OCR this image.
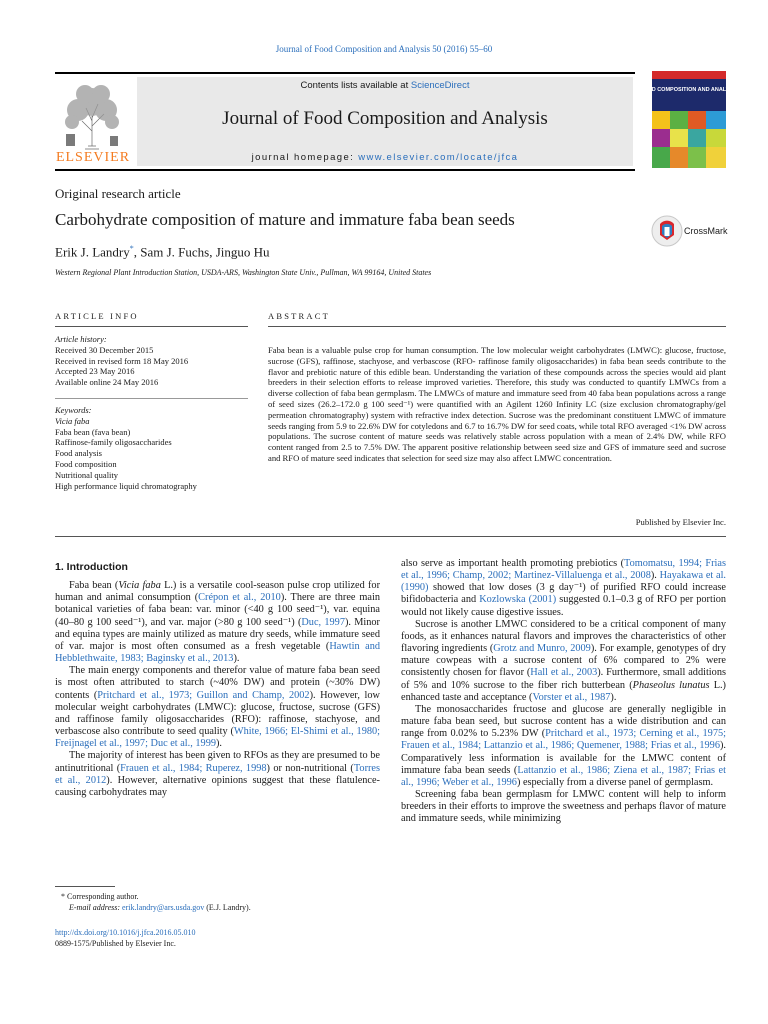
Journal of Food Composition and Analysis 50 (2016) 55–60
ELSEVIER
Contents lists available at ScienceDirect
Journal of Food Composition and Analysis
journal homepage: www.elsevier.com/locate/jfca
FOOD COMPOSITION AND ANALYSIS
Original research article
Carbohydrate composition of mature and immature faba bean seeds
CrossMark
Erik J. Landry*, Sam J. Fuchs, Jinguo Hu
Western Regional Plant Introduction Station, USDA-ARS, Washington State Univ., Pullman, WA 99164, United States
ARTICLE INFO
Article history:
Received 30 December 2015
Received in revised form 18 May 2016
Accepted 23 May 2016
Available online 24 May 2016
Keywords:
Vicia faba
Faba bean (fava bean)
Raffinose-family oligosaccharides
Food analysis
Food composition
Nutritional quality
High performance liquid chromatography
ABSTRACT
Faba bean is a valuable pulse crop for human consumption. The low molecular weight carbohydrates (LMWC): glucose, fructose, sucrose (GFS), raffinose, stachyose, and verbascose (RFO- raffinose family oligosaccharides) in faba bean seeds contribute to the flavor and prebiotic nature of this edible bean. Understanding the variation of these compounds across the species would aid plant breeders in their selection efforts to release improved varieties. Therefore, this study was conducted to quantify LMWCs from a diverse collection of faba bean germplasm. The LMWCs of mature and immature seed from 40 faba bean populations across a range of seed sizes (26.2–172.0 g 100 seed⁻¹) were quantified with an Agilent 1260 Infinity LC (size exclusion chromatography/gel permeation chromatography) system with refractive index detection. Sucrose was the predominant constituent LMWC of immature seeds ranging from 5.9 to 22.6% DW for cotyledons and 6.7 to 16.7% DW for seed coats, while total RFO averaged <1% DW across populations. The sucrose content of mature seeds was relatively stable across population with a mean of 2.4% DW, while RFO content ranged from 2.5 to 7.5% DW. The apparent positive relationship between seed size and GFS of immature seed and sucrose and RFO of mature seed indicates that selection for seed size may also affect LMWC concentration.
Published by Elsevier Inc.
1. Introduction

Faba bean (Vicia faba L.) is a versatile cool-season pulse crop utilized for human and animal consumption (Crépon et al., 2010). There are three main botanical varieties of faba bean: var. minor (<40 g 100 seed⁻¹), var. equina (40–80 g 100 seed⁻¹), and var. major (>80 g 100 seed⁻¹) (Duc, 1997). Minor and equina types are mainly utilized as mature dry seeds, while immature seed of var. major is most often consumed as a fresh vegetable (Hawtin and Hebblethwaite, 1983; Baginsky et al., 2013).

The main energy components and therefor value of mature faba bean seed is most often attributed to starch (~40% DW) and protein (~30% DW) contents (Pritchard et al., 1973; Guillon and Champ, 2002). However, low molecular weight carbohydrates (LMWC): glucose, fructose, sucrose (GFS) and raffinose family oligosaccharides (RFO): raffinose, stachyose, and verbascose also contribute to seed quality (White, 1966; El-Shimi et al., 1980; Freijnagel et al., 1997; Duc et al., 1999).

The majority of interest has been given to RFOs as they are presumed to be antinutritional (Frauen et al., 1984; Ruperez, 1998) or non-nutritional (Torres et al., 2012). However, alternative opinions suggest that these flatulence-causing carbohydrates may

also serve as important health promoting prebiotics (Tomomatsu, 1994; Frias et al., 1996; Champ, 2002; Martinez-Villaluenga et al., 2008). Hayakawa et al. (1990) showed that low doses (3 g day⁻¹) of purified RFO could increase bifidobacteria and Kozlowska (2001) suggested 0.1–0.3 g of RFO per portion would not likely cause digestive issues.

Sucrose is another LMWC considered to be a critical component of many foods, as it enhances natural flavors and improves the characteristics of other flavoring ingredients (Grotz and Munro, 2009). For example, genotypes of dry mature cowpeas with a sucrose content of 6% compared to 2% were consistently chosen for flavor (Hall et al., 2003). Furthermore, small additions of 5% and 10% sucrose to the fiber rich butterbean (Phaseolus lunatus L.) enhanced taste and acceptance (Vorster et al., 1987).

The monosaccharides fructose and glucose are generally negligible in mature faba bean seed, but sucrose content has a wide distribution and can range from 0.02% to 5.23% DW (Pritchard et al., 1973; Cerning et al., 1975; Frauen et al., 1984; Lattanzio et al., 1986; Quemener, 1988; Frias et al., 1996). Comparatively less information is available for the LMWC content of immature faba bean seeds (Lattanzio et al., 1986; Ziena et al., 1987; Frias et al., 1996; Weber et al., 1996) especially from a diverse panel of germplasm.

Screening faba bean germplasm for LMWC content will help to inform breeders in their efforts to improve the sweetness and perhaps flavor of mature and immature seeds, while minimizing

* Corresponding author.
E-mail address: erik.landry@ars.usda.gov (E.J. Landry).
http://dx.doi.org/10.1016/j.jfca.2016.05.010
0889-1575/Published by Elsevier Inc.
